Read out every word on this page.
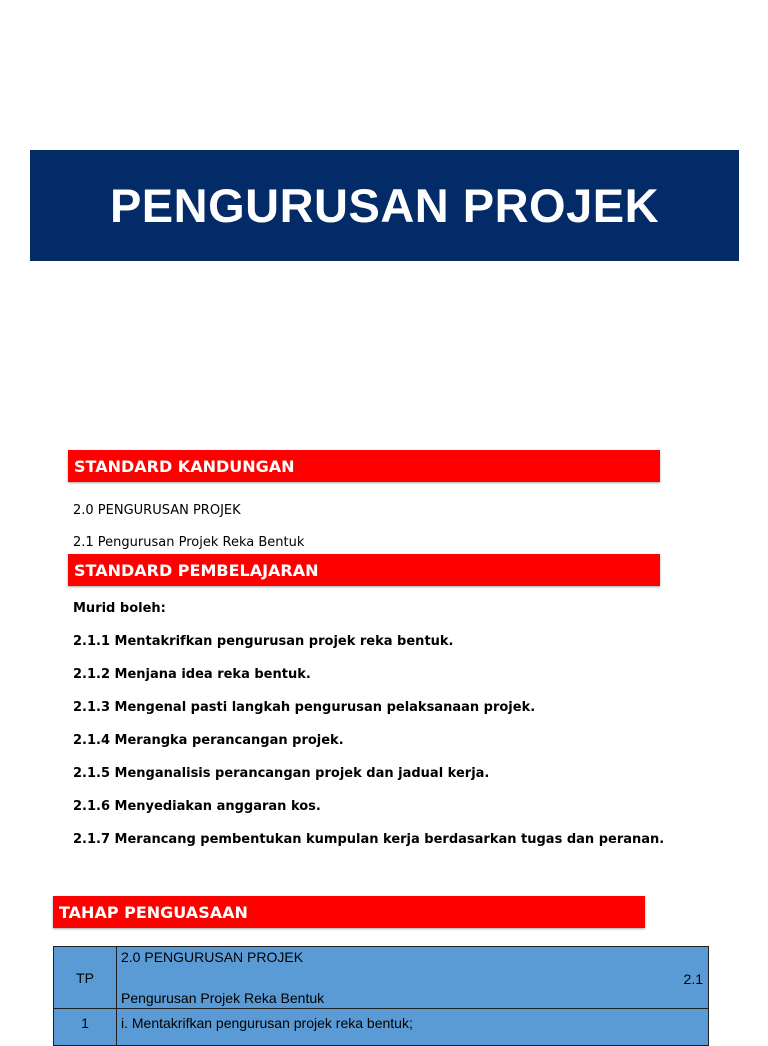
PENGURUSAN PROJEK
STANDARD KANDUNGAN
2.0 PENGURUSAN PROJEK
2.1 Pengurusan Projek Reka Bentuk
STANDARD PEMBELAJARAN
Murid boleh:
2.1.1 Mentakrifkan pengurusan projek reka bentuk.
2.1.2 Menjana idea reka bentuk.
2.1.3 Mengenal pasti langkah pengurusan pelaksanaan projek.
2.1.4 Merangka perancangan projek.
2.1.5 Menganalisis perancangan projek dan jadual kerja.
2.1.6 Menyediakan anggaran kos.
2.1.7 Merancang pembentukan kumpulan kerja berdasarkan tugas dan peranan.
TAHAP PENGUASAAN
TP	2.0 PENGURUSAN PROJEK
2.1
Pengurusan Projek Reka Bentuk

1	i. Mentakrifkan pengurusan projek reka bentuk;
